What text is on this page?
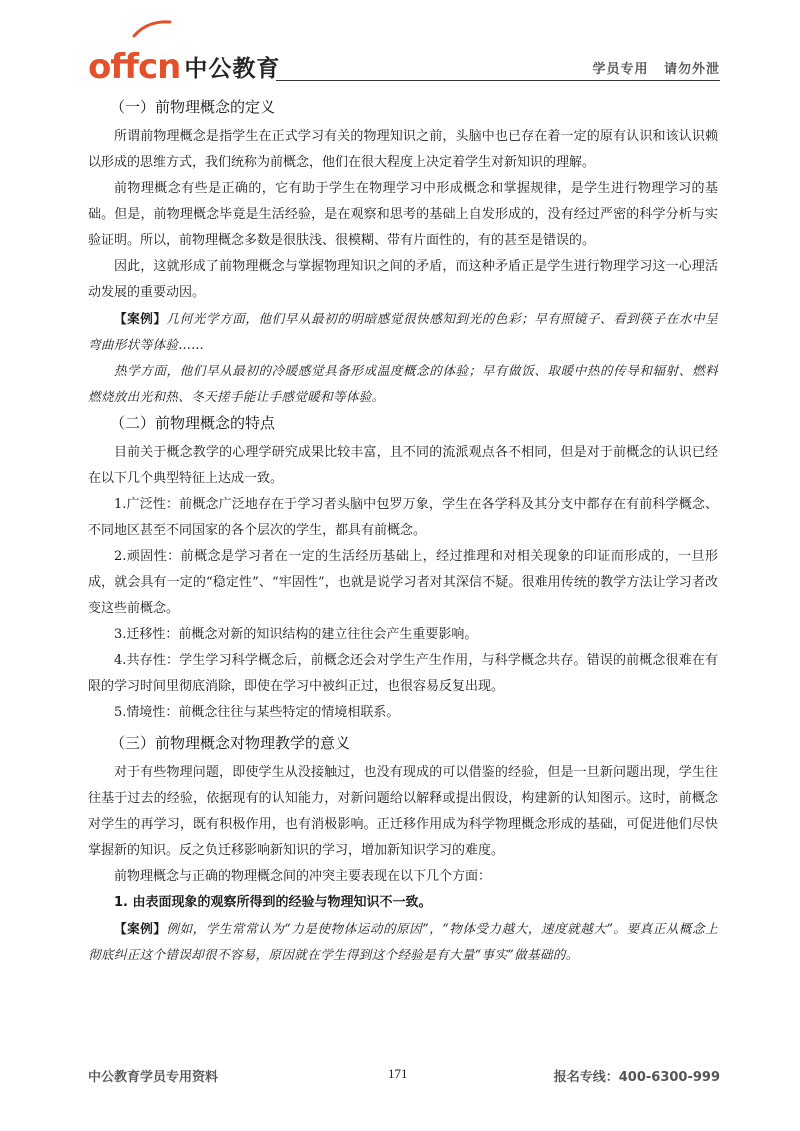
offcn 中公教育	学员专用 请勿外泄
（一）前物理概念的定义

所谓前物理概念是指学生在正式学习有关的物理知识之前，头脑中也已存在着一定的原有认识和该认识赖以形成的思维方式，我们统称为前概念，他们在很大程度上决定着学生对新知识的理解。

前物理概念有些是正确的，它有助于学生在物理学习中形成概念和掌握规律，是学生进行物理学习的基础。但是，前物理概念毕竟是生活经验，是在观察和思考的基础上自发形成的，没有经过严密的科学分析与实验证明。所以，前物理概念多数是很肤浅、很模糊、带有片面性的，有的甚至是错误的。

因此，这就形成了前物理概念与掌握物理知识之间的矛盾，而这种矛盾正是学生进行物理学习这一心理活动发展的重要动因。

【案例】几何光学方面，他们早从最初的明暗感觉很快感知到光的色彩；早有照镜子、看到筷子在水中呈弯曲形状等体验……

热学方面，他们早从最初的冷暖感觉具备形成温度概念的体验；早有做饭、取暖中热的传导和辐射、燃料燃烧放出光和热、冬天搓手能让手感觉暖和等体验。

（二）前物理概念的特点

目前关于概念教学的心理学研究成果比较丰富，且不同的流派观点各不相同，但是对于前概念的认识已经在以下几个典型特征上达成一致。

1.广泛性：前概念广泛地存在于学习者头脑中包罗万象，学生在各学科及其分支中都存在有前科学概念、不同地区甚至不同国家的各个层次的学生，都具有前概念。

2.顽固性：前概念是学习者在一定的生活经历基础上，经过推理和对相关现象的印证而形成的，一旦形成，就会具有一定的“稳定性”、“牢固性”，也就是说学习者对其深信不疑。很难用传统的教学方法让学习者改变这些前概念。

3.迁移性：前概念对新的知识结构的建立往往会产生重要影响。

4.共存性：学生学习科学概念后，前概念还会对学生产生作用，与科学概念共存。错误的前概念很难在有限的学习时间里彻底消除，即使在学习中被纠正过，也很容易反复出现。

5.情境性：前概念往往与某些特定的情境相联系。

（三）前物理概念对物理教学的意义

对于有些物理问题，即使学生从没接触过，也没有现成的可以借鉴的经验，但是一旦新问题出现，学生往往基于过去的经验，依据现有的认知能力，对新问题给以解释或提出假设，构建新的认知图示。这时，前概念对学生的再学习，既有积极作用，也有消极影响。正迁移作用成为科学物理概念形成的基础，可促进他们尽快掌握新的知识。反之负迁移影响新知识的学习，增加新知识学习的难度。

前物理概念与正确的物理概念间的冲突主要表现在以下几个方面：

1. 由表面现象的观察所得到的经验与物理知识不一致。

【案例】例如，学生常常认为“力是使物体运动的原因”，“物体受力越大，速度就越大”。要真正从概念上彻底纠正这个错误却很不容易，原因就在学生得到这个经验是有大量“事实”做基础的。

中公教育学员专用资料	171	报名专线：400-6300-999
